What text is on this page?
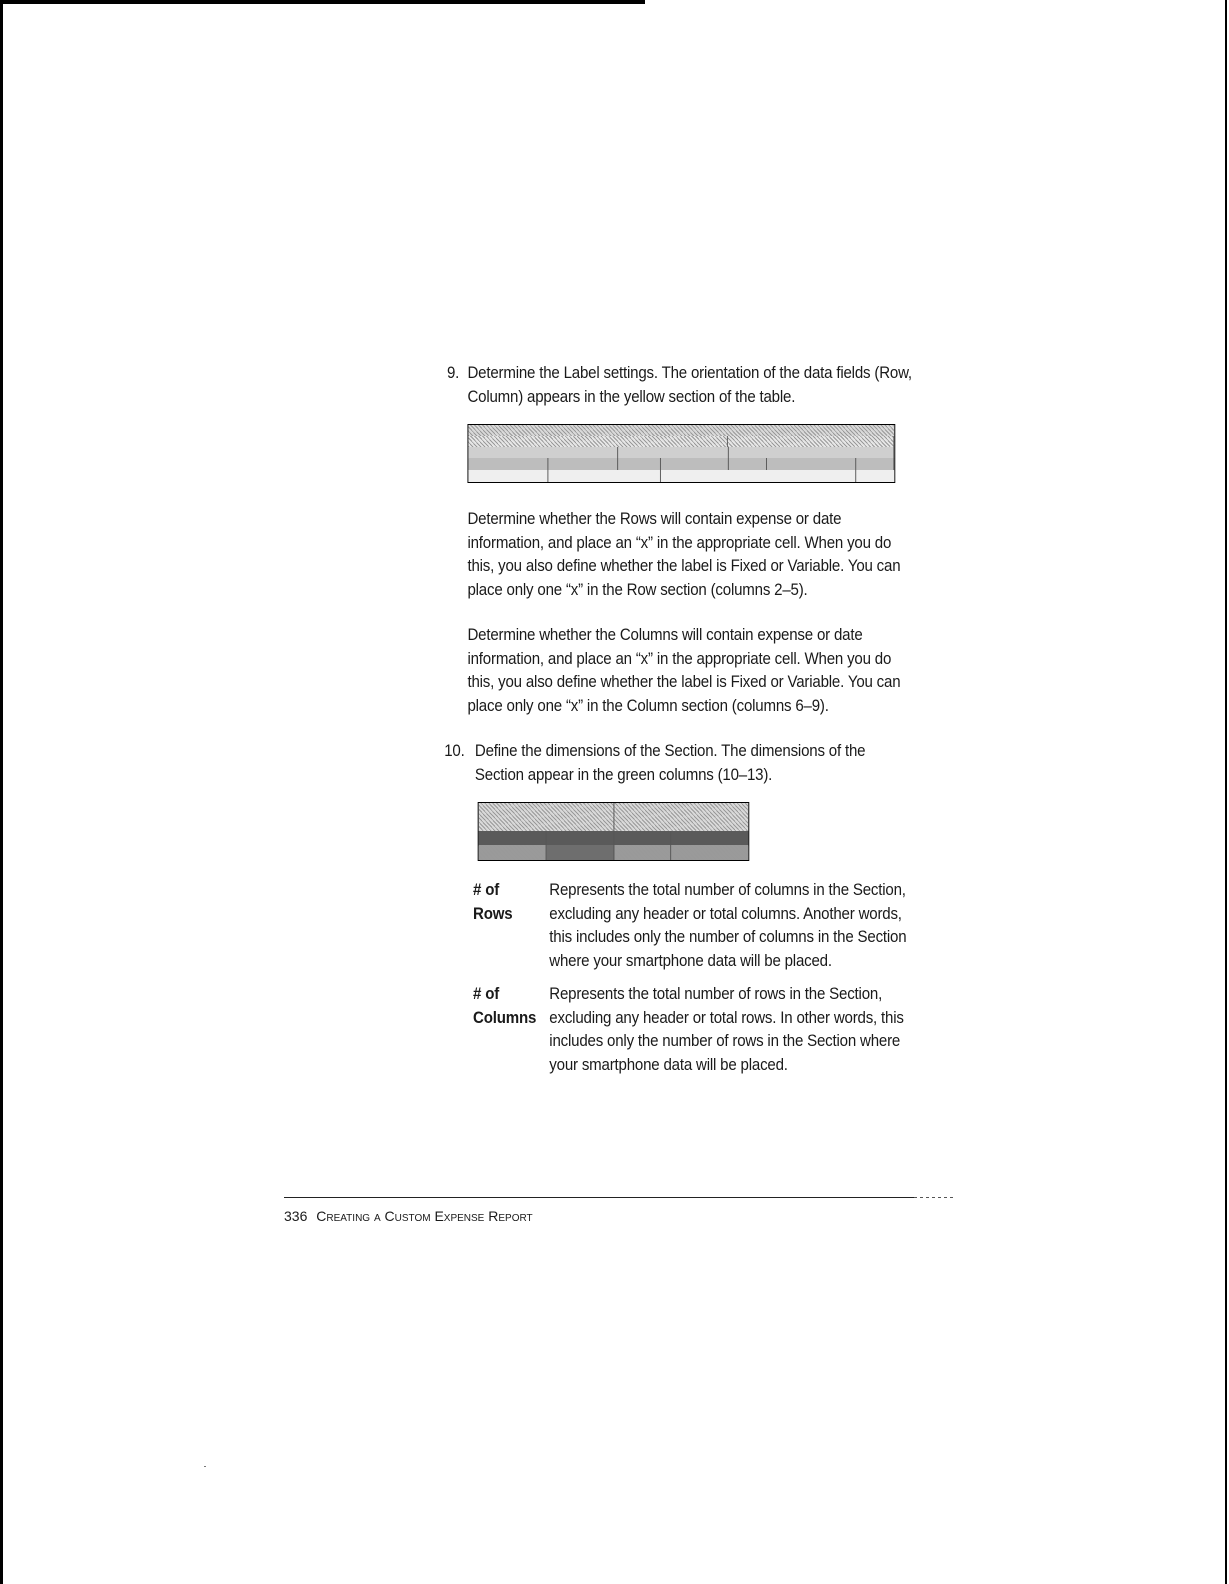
9. Determine the Label settings. The orientation of the data fields (Row, Column) appears in the yellow section of the table.

Determine whether the Rows will contain expense or date information, and place an “x” in the appropriate cell. When you do this, you also define whether the label is Fixed or Variable. You can place only one “x” in the Row section (columns 2–5).

Determine whether the Columns will contain expense or date information, and place an “x” in the appropriate cell. When you do this, you also define whether the label is Fixed or Variable. You can place only one “x” in the Column section (columns 6–9).

10. Define the dimensions of the Section. The dimensions of the Section appear in the green columns (10–13).
# of
Rows
Represents the total number of columns in the Section, excluding any header or total columns. Another words, this includes only the number of columns in the Section where your smartphone data will be placed.
# of
Columns
Represents the total number of rows in the Section, excluding any header or total rows. In other words, this includes only the number of rows in the Section where your smartphone data will be placed.
336 Creating a Custom Expense Report
